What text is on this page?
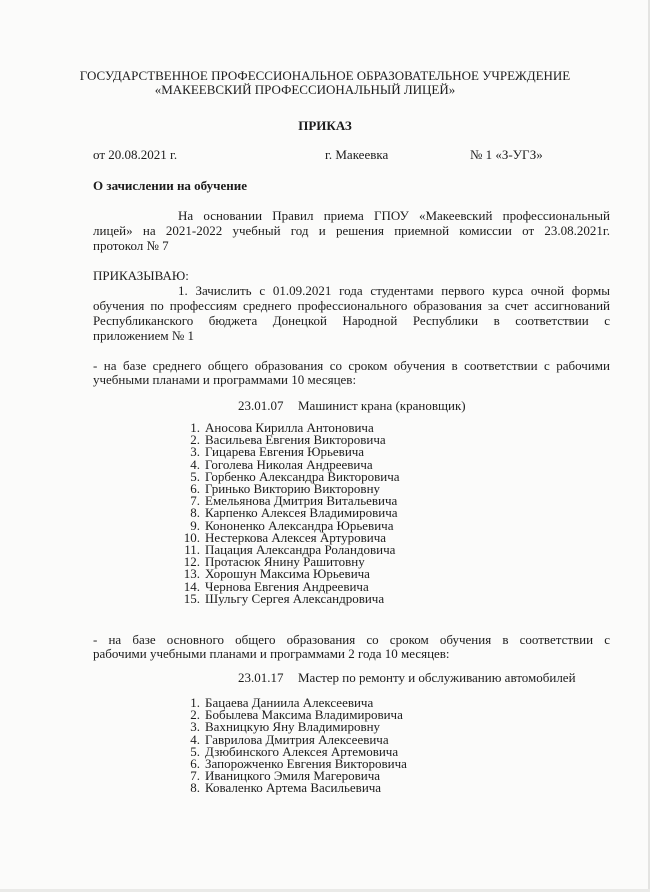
ГОСУДАРСТВЕННОЕ ПРОФЕССИОНАЛЬНОЕ ОБРАЗОВАТЕЛЬНОЕ УЧРЕЖДЕНИЕ
«МАКЕЕВСКИЙ ПРОФЕССИОНАЛЬНЫЙ ЛИЦЕЙ»
ПРИКАЗ
от 20.08.2021 г.	г. Макеевка	№ 1 «З-УГЗ»
О зачислении на обучение
На основании Правил приема ГПОУ «Макеевский профессиональный
лицей» на 2021-2022 учебный год и решения приемной комиссии от 23.08.2021г.
протокол № 7
ПРИКАЗЫВАЮ:
1. Зачислить с 01.09.2021 года студентами первого курса очной формы
обучения по профессиям среднего профессионального образования за счет ассигнований
Республиканского бюджета Донецкой Народной Республики в соответствии с
приложением № 1
- на базе среднего общего образования со сроком обучения в соответствии с рабочими
учебными планами и программами 10 месяцев:
23.01.07 Машинист крана (крановщик)
1. Аносова Кирилла Антоновича
2. Васильева Евгения Викторовича
3. Гицарева Евгения Юрьевича
4. Гоголева Николая Андреевича
5. Горбенко Александра Викторовича
6. Гринько Викторию Викторовну
7. Емельянова Дмитрия Витальевича
8. Карпенко Алексея Владимировича
9. Кононенко Александра Юрьевича
10. Нестеркова Алексея Артуровича
11. Пацация Александра Роландовича
12. Протасюк Янину Рашитовну
13. Хорошун Максима Юрьевича
14. Чернова Евгения Андреевича
15. Шульгу Сергея Александровича
- на базе основного общего образования со сроком обучения в соответствии с
рабочими учебными планами и программами 2 года 10 месяцев:
23.01.17 Мастер по ремонту и обслуживанию автомобилей
1. Бацаева Даниила Алексеевича
2. Бобылева Максима Владимировича
3. Вахницкую Яну Владимировну
4. Гаврилова Дмитрия Алексеевича
5. Дзюбинского Алексея Артемовича
6. Запорожченко Евгения Викторовича
7. Иваницкого Эмиля Магеровича
8. Коваленко Артема Васильевича
